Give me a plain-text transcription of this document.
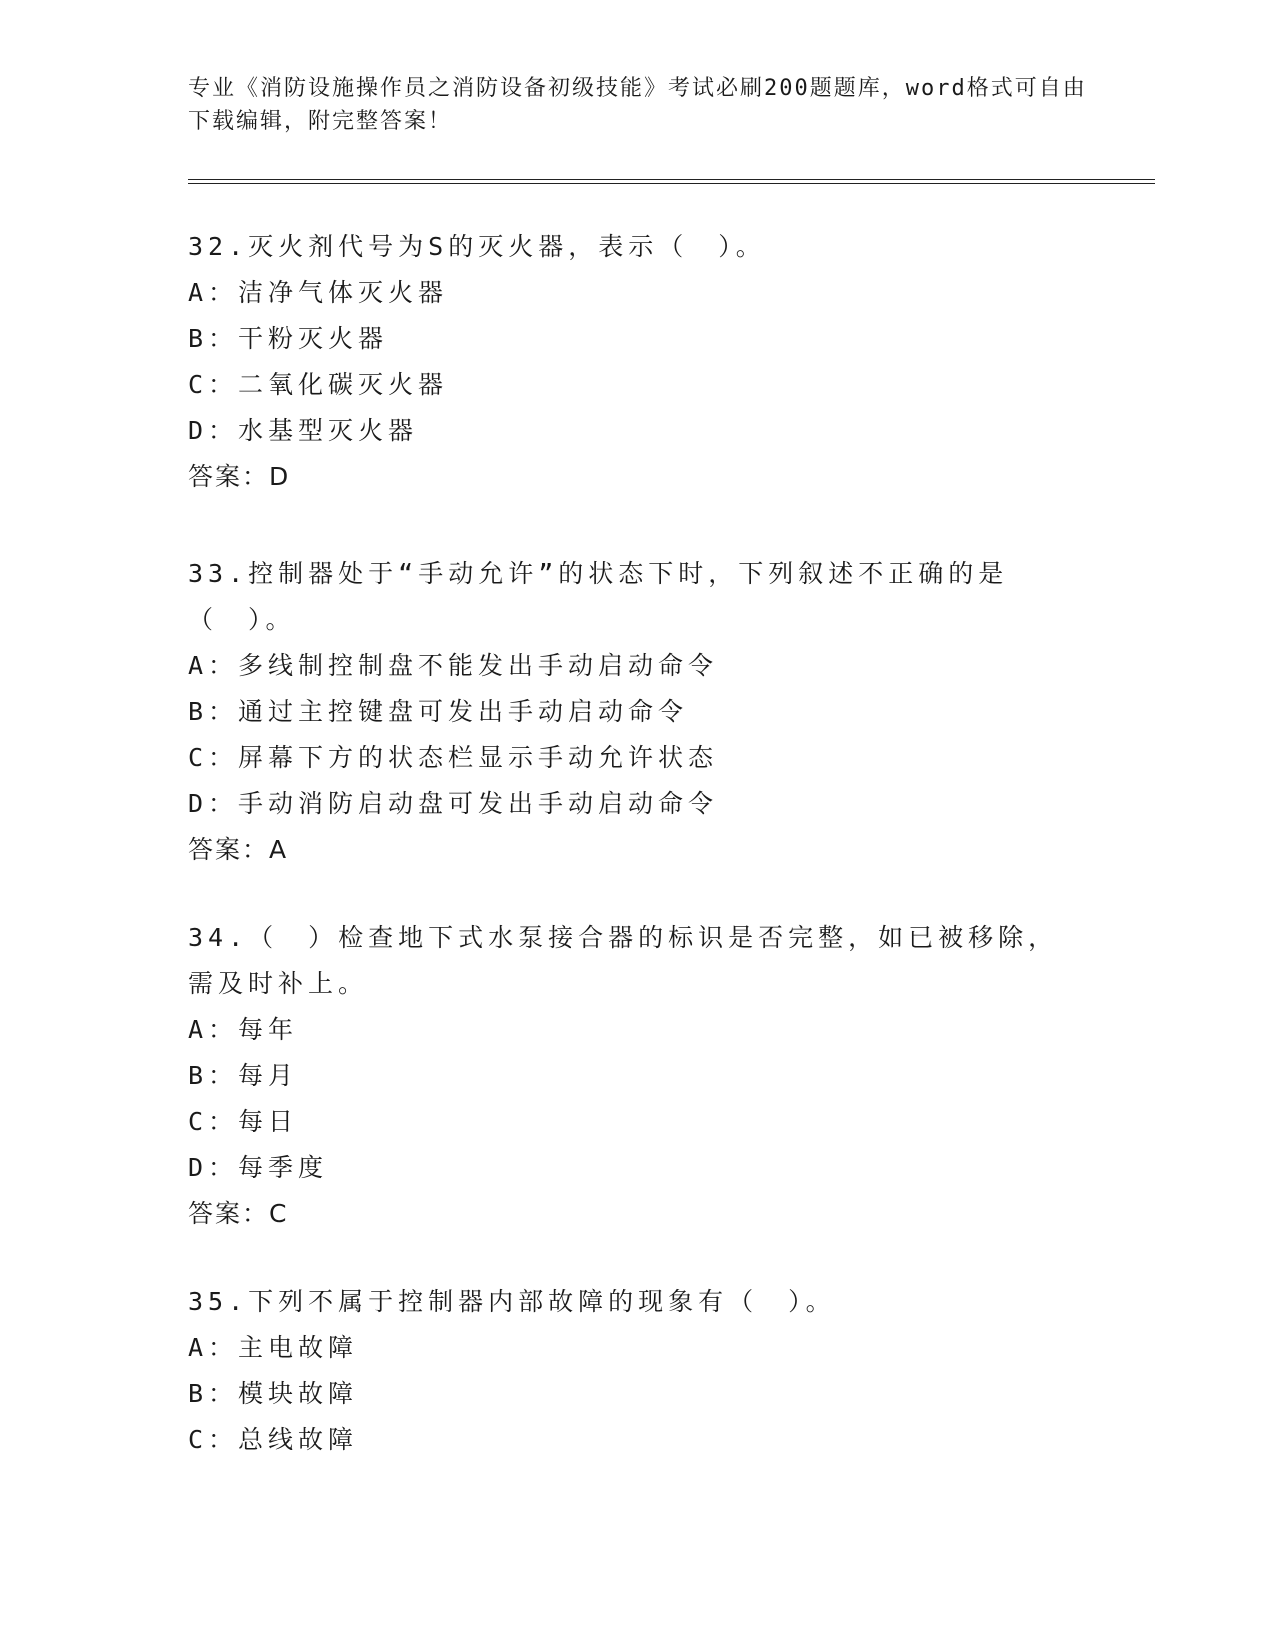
专业《消防设施操作员之消防设备初级技能》考试必刷200题题库，word格式可自由下载编辑，附完整答案！

32.灭火剂代号为S的灭火器，表示（　）。

A：洁净气体灭火器

B：干粉灭火器

C：二氧化碳灭火器

D：水基型灭火器

答案：D

33.控制器处于“手动允许”的状态下时，下列叙述不正确的是（　）。

A：多线制控制盘不能发出手动启动命令

B：通过主控键盘可发出手动启动命令

C：屏幕下方的状态栏显示手动允许状态

D：手动消防启动盘可发出手动启动命令

答案：A

34.（　）检查地下式水泵接合器的标识是否完整，如已被移除，需及时补上。

A：每年

B：每月

C：每日

D：每季度

答案：C

35.下列不属于控制器内部故障的现象有（　）。

A：主电故障

B：模块故障

C：总线故障
